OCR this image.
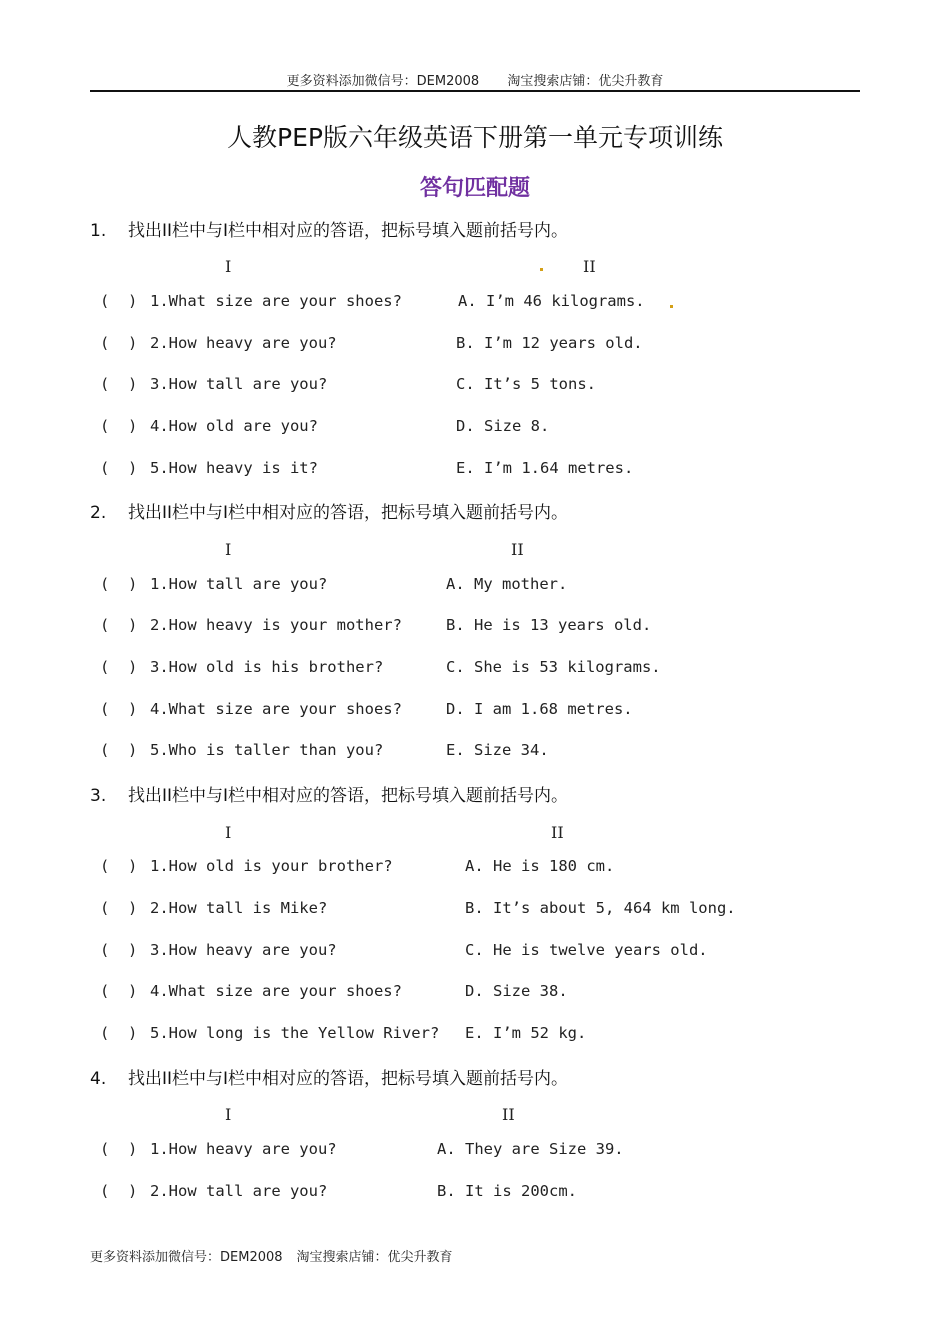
更多资料添加微信号：DEM2008 淘宝搜索店铺：优尖升教育
人教PEP版六年级英语下册第一单元专项训练
答句匹配题
1. 找出II栏中与I栏中相对应的答语，把标号填入题前括号内。
I	II
(  ) 1.What size are your shoes?	A. I’m 46 kilograms.
(  ) 2.How heavy are you?	B. I’m 12 years old.
(  ) 3.How tall are you?	C. It’s 5 tons.
(  ) 4.How old are you?	D. Size 8.
(  ) 5.How heavy is it?	E. I’m 1.64 metres.
2. 找出II栏中与I栏中相对应的答语，把标号填入题前括号内。
I	II
(  ) 1.How tall are you?	A. My mother.
(  ) 2.How heavy is your mother?	B. He is 13 years old.
(  ) 3.How old is his brother?	C. She is 53 kilograms.
(  ) 4.What size are your shoes?	D. I am 1.68 metres.
(  ) 5.Who is taller than you?	E. Size 34.
3. 找出II栏中与I栏中相对应的答语，把标号填入题前括号内。
I	II
(  ) 1.How old is your brother?	A. He is 180 cm.
(  ) 2.How tall is Mike?	B. It’s about 5, 464 km long.
(  ) 3.How heavy are you?	C. He is twelve years old.
(  ) 4.What size are your shoes?	D. Size 38.
(  ) 5.How long is the Yellow River? E. I’m 52 kg.
4. 找出II栏中与I栏中相对应的答语，把标号填入题前括号内。
I	II
(  ) 1.How heavy are you?	A. They are Size 39.
(  ) 2.How tall are you?	B. It is 200cm.
更多资料添加微信号：DEM2008 淘宝搜索店铺：优尖升教育
